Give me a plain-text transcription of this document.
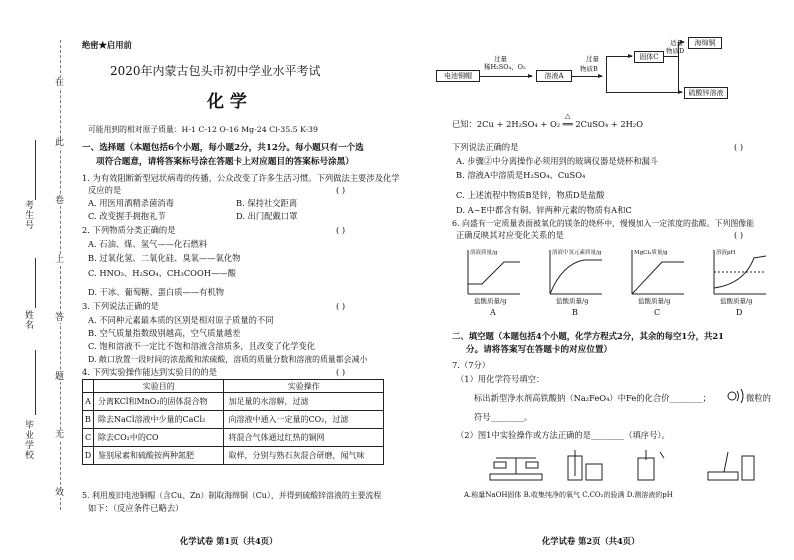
在
此
卷
上
答
题
无
效
考生号
姓名
毕业学校
绝密★启用前
2020年内蒙古包头市初中学业水平考试
化 学
可能用到的相对原子质量：H-1 C-12 O-16 Mg-24 Cl-35.5 K-39
一、选择题（本题包括6个小题，每小题2分，共12分。每小题只有一个选
项符合题意，请将答案标号涂在答题卡上对应题目的答案标号涂黑）
1. 为有效阻断新型冠状病毒的传播，公众改变了许多生活习惯。下列做法主要涉及化学
反应的是	( )
A. 用医用酒精杀菌消毒	B. 保持社交距离
C. 改变握手拥抱礼节	D. 出门配戴口罩
2. 下列物质分类正确的是	( )
A. 石油、煤、氢气——化石燃料
B. 过氧化氢、二氧化硅、臭氧——氧化物
C. HNO₃、H₂SO₄、CH₃COOH——酸
D. 干冰、葡萄糖、蛋白质——有机物
3. 下列说法正确的是	( )
A. 不同种元素最本质的区别是相对原子质量的不同
B. 空气质量指数级别越高，空气质量越差
C. 饱和溶液不一定比不饱和溶液含溶质多，且改变了化学变化
D. 敞口放置一段时间的浓盐酸和浓硫酸，溶质的质量分数和溶液的质量都会减小
4. 下列实验操作能达到实验目的的是	( )
	实验目的	实验操作
A	分离KCl和MnO₂的固体混合物	加足量的水溶解，过滤
B	除去NaCl溶液中少量的CaCl₂	向溶液中通入一定量的CO₂，过滤
C	除去CO₂中的CO	将混合气体通过红热的铜网
D	鉴别尿素和硫酸铵两种氮肥	取样，分别与熟石灰混合研磨，闻气味
5. 利用废旧电池铜帽（含Cu、Zn）制取海绵铜（Cu），并得到硫酸锌溶液的主要流程
如下：（反应条件已略去）
化学试卷 第1页（共4页）
电池铜帽
过量
稀H₂SO₄、O₂
溶液A
过量
物质B
固体C
适量
物质D
海绵铜
硫酸锌溶液
△
已知：2Cu + 2H₂SO₄ + O₂ ══ 2CuSO₄ + 2H₂O
下列说法正确的是	( )
A. 步骤②中分离操作必须用到的玻璃仪器是烧杯和漏斗
B. 溶液A中溶质是H₂SO₄、CuSO₄
C. 上述流程中物质B是锌，物质D是盐酸
D. A~E中都含有铜、锌两种元素的物质有A和C
6. 向盛有一定质量表面被氧化的镁条的烧杯中，慢慢加入一定浓度的盐酸。下列图像能
正确反映其对应变化关系的是	( )
溶液质量/g	溶液中氢元素质量/g	MgCl₂质量/g	溶液pH
盐酸质量/g	盐酸质量/g	盐酸质量/g	盐酸质量/g
A	B	C	D
二、填空题（本题包括4个小题，化学方程式2分，其余的每空1分，共21
分。请将答案写在答题卡的对应位置）
7.（7分）
（1）用化学符号填空：
标出新型净水剂高铁酸钠（Na₂FeO₄）中Fe的化合价________；	微粒的
符号________。
（2）图1中实验操作或方法正确的是________（填序号）。
A.称量NaOH固体 B.收集纯净的氧气 C.CO₂的验满 D.测溶液的pH
化学试卷 第2页（共4页）
